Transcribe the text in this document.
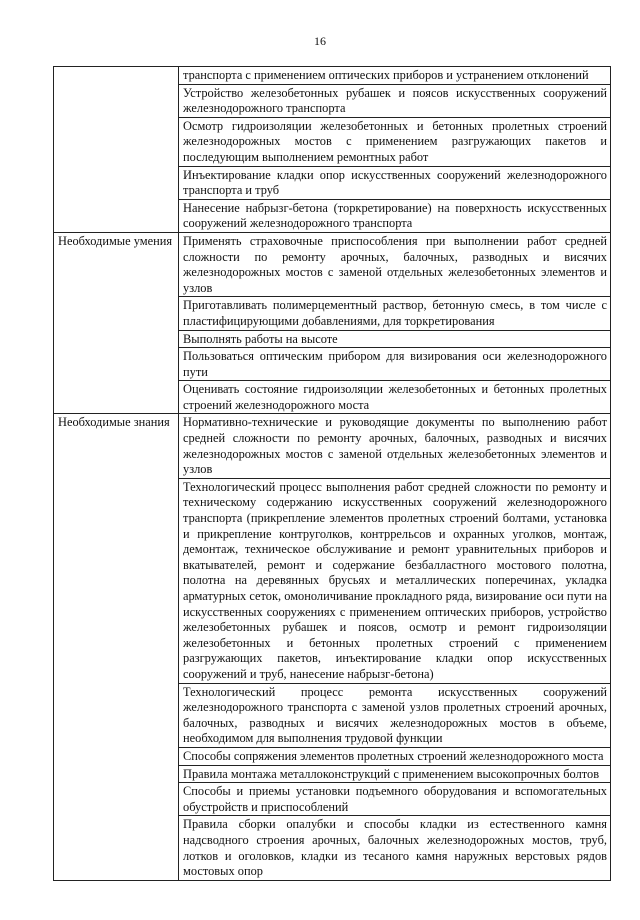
16
	транспорта с применением оптических приборов и устранением отклонений
	Устройство железобетонных рубашек и поясов искусственных сооружений железнодорожного транспорта
	Осмотр гидроизоляции железобетонных и бетонных пролетных строений железнодорожных мостов с применением разгружающих пакетов и последующим выполнением ремонтных работ
	Инъектирование кладки опор искусственных сооружений железнодорожного транспорта и труб
	Нанесение набрызг-бетона (торкретирование) на поверхность искусственных сооружений железнодорожного транспорта
Необходимые умения	Применять страховочные приспособления при выполнении работ средней сложности по ремонту арочных, балочных, разводных и висячих железнодорожных мостов с заменой отдельных железобетонных элементов и узлов
	Приготавливать полимерцементный раствор, бетонную смесь, в том числе с пластифицирующими добавлениями, для торкретирования
	Выполнять работы на высоте
	Пользоваться оптическим прибором для визирования оси железнодорожного пути
	Оценивать состояние гидроизоляции железобетонных и бетонных пролетных строений железнодорожного моста
Необходимые знания	Нормативно-технические и руководящие документы по выполнению работ средней сложности по ремонту арочных, балочных, разводных и висячих железнодорожных мостов с заменой отдельных железобетонных элементов и узлов
	Технологический процесс выполнения работ средней сложности по ремонту и техническому содержанию искусственных сооружений железнодорожного транспорта (прикрепление элементов пролетных строений болтами, установка и прикрепление контруголков, контррельсов и охранных уголков, монтаж, демонтаж, техническое обслуживание и ремонт уравнительных приборов и вкатывателей, ремонт и содержание безбалластного мостового полотна, полотна на деревянных брусьях и металлических поперечинах, укладка арматурных сеток, омоноличивание прокладного ряда, визирование оси пути на искусственных сооружениях с применением оптических приборов, устройство железобетонных рубашек и поясов, осмотр и ремонт гидроизоляции железобетонных и бетонных пролетных строений с применением разгружающих пакетов, инъектирование кладки опор искусственных сооружений и труб, нанесение набрызг-бетона)
	Технологический процесс ремонта искусственных сооружений железнодорожного транспорта с заменой узлов пролетных строений арочных, балочных, разводных и висячих железнодорожных мостов в объеме, необходимом для выполнения трудовой функции
	Способы сопряжения элементов пролетных строений железнодорожного моста
	Правила монтажа металлоконструкций с применением высокопрочных болтов
	Способы и приемы установки подъемного оборудования и вспомогательных обустройств и приспособлений
	Правила сборки опалубки и способы кладки из естественного камня надсводного строения арочных, балочных железнодорожных мостов, труб, лотков и оголовков, кладки из тесаного камня наружных верстовых рядов мостовых опор
